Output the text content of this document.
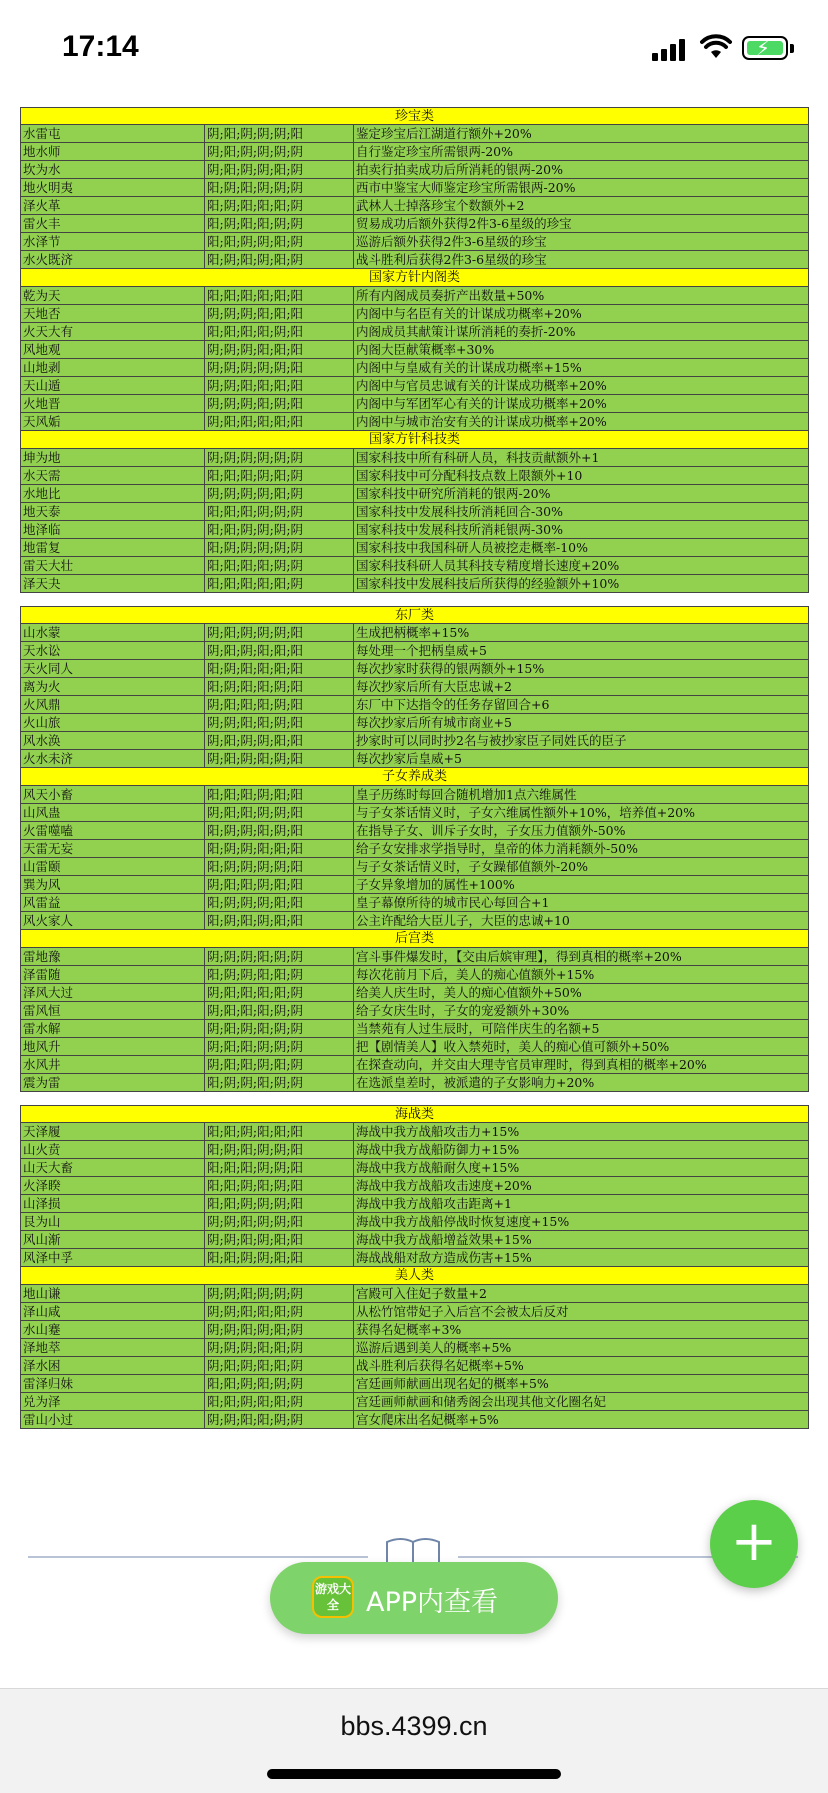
17:14	⚡
珍宝类
水雷屯	阴;阳;阴;阴;阴;阳	鉴定珍宝后江湖道行额外+20%
地水师	阴;阳;阴;阴;阴;阴	自行鉴定珍宝所需银两-20%
坎为水	阴;阳;阴;阴;阳;阴	拍卖行拍卖成功后所消耗的银两-20%
地火明夷	阳;阴;阳;阴;阴;阴	西市中鉴宝大师鉴定珍宝所需银两-20%
泽火革	阳;阴;阳;阳;阳;阴	武林人士掉落珍宝个数额外+2
雷火丰	阳;阴;阳;阳;阴;阴	贸易成功后额外获得2件3-6星级的珍宝
水泽节	阳;阳;阴;阴;阳;阴	巡游后额外获得2件3-6星级的珍宝
水火既济	阳;阴;阳;阴;阳;阴	战斗胜利后获得2件3-6星级的珍宝
国家方针内阁类
乾为天	阳;阳;阳;阳;阳;阳	所有内阁成员奏折产出数量+50%
天地否	阴;阴;阴;阳;阳;阳	内阁中与名臣有关的计谋成功概率+20%
火天大有	阳;阳;阳;阳;阴;阳	内阁成员其献策计谋所消耗的奏折-20%
风地观	阴;阴;阴;阳;阳;阳	内阁大臣献策概率+30%
山地剥	阴;阴;阴;阴;阴;阳	内阁中与皇威有关的计谋成功概率+15%
天山遁	阴;阴;阳;阳;阳;阳	内阁中与官员忠诚有关的计谋成功概率+20%
火地晋	阴;阴;阴;阳;阴;阳	内阁中与军团军心有关的计谋成功概率+20%
天风姤	阴;阳;阳;阳;阳;阳	内阁中与城市治安有关的计谋成功概率+20%
国家方针科技类
坤为地	阴;阴;阴;阴;阴;阴	国家科技中所有科研人员，科技贡献额外+1
水天需	阳;阳;阳;阴;阳;阴	国家科技中可分配科技点数上限额外+10
水地比	阴;阴;阴;阴;阳;阴	国家科技中研究所消耗的银两-20%
地天泰	阳;阳;阳;阴;阴;阴	国家科技中发展科技所消耗回合-30%
地泽临	阳;阳;阴;阴;阴;阴	国家科技中发展科技所消耗银两-30%
地雷复	阳;阴;阴;阴;阴;阴	国家科技中我国科研人员被挖走概率-10%
雷天大壮	阳;阳;阳;阳;阴;阴	国家科技科研人员其科技专精度增长速度+20%
泽天夬	阳;阳;阳;阳;阳;阴	国家科技中发展科技后所获得的经验额外+10%
东厂类
山水蒙	阴;阳;阴;阴;阴;阳	生成把柄概率+15%
天水讼	阴;阳;阴;阳;阳;阳	每处理一个把柄皇威+5
天火同人	阳;阴;阳;阳;阳;阳	每次抄家时获得的银两额外+15%
离为火	阳;阴;阳;阳;阴;阳	每次抄家后所有大臣忠诚+2
火风鼎	阴;阳;阳;阳;阴;阳	东厂中下达指令的任务存留回合+6
火山旅	阴;阴;阳;阳;阴;阳	每次抄家后所有城市商业+5
风水涣	阴;阳;阴;阴;阳;阳	抄家时可以同时抄2名与被抄家臣子同姓氏的臣子
火水未济	阴;阳;阴;阳;阴;阳	每次抄家后皇威+5
子女养成类
风天小畜	阳;阳;阳;阴;阳;阳	皇子历练时每回合随机增加1点六维属性
山风蛊	阴;阳;阳;阴;阴;阳	与子女茶话情义时，子女六维属性额外+10%，培养值+20%
火雷噬嗑	阳;阴;阴;阳;阴;阳	在指导子女、训斥子女时，子女压力值额外-50%
天雷无妄	阳;阴;阴;阳;阳;阳	给子女安排求学指导时，皇帝的体力消耗额外-50%
山雷颐	阳;阴;阴;阴;阴;阳	与子女茶话情义时，子女躁郁值额外-20%
巽为风	阴;阳;阳;阴;阳;阳	子女异象增加的属性+100%
风雷益	阳;阴;阴;阴;阳;阳	皇子幕僚所待的城市民心每回合+1
风火家人	阳;阴;阳;阴;阳;阳	公主许配给大臣儿子，大臣的忠诚+10
后宫类
雷地豫	阴;阴;阴;阳;阴;阴	宫斗事件爆发时，【交由后嫔审理】，得到真相的概率+20%
泽雷随	阳;阴;阴;阳;阳;阴	每次花前月下后，美人的痴心值额外+15%
泽风大过	阴;阳;阳;阳;阳;阴	给美人庆生时，美人的痴心值额外+50%
雷风恒	阴;阳;阳;阳;阴;阴	给子女庆生时，子女的宠爱额外+30%
雷水解	阴;阳;阴;阳;阴;阴	当禁苑有人过生辰时，可陪伴庆生的名额+5
地风升	阴;阳;阳;阴;阴;阴	把【剧情美人】收入禁苑时，美人的痴心值可额外+50%
水风井	阴;阳;阳;阴;阳;阴	在探查动向，并交由大理寺官员审理时，得到真相的概率+20%
震为雷	阳;阴;阴;阳;阴;阴	在选派皇差时，被派遣的子女影响力+20%
海战类
天泽履	阳;阳;阴;阳;阳;阳	海战中我方战船攻击力+15%
山火贲	阳;阴;阳;阴;阴;阳	海战中我方战船防御力+15%
山天大畜	阳;阳;阳;阴;阴;阳	海战中我方战船耐久度+15%
火泽睽	阳;阳;阴;阳;阴;阳	海战中我方战船攻击速度+20%
山泽损	阳;阳;阴;阴;阴;阳	海战中我方战船攻击距离+1
艮为山	阴;阴;阳;阴;阴;阳	海战中我方战船停战时恢复速度+15%
风山渐	阴;阴;阳;阴;阳;阳	海战中我方战船增益效果+15%
风泽中孚	阳;阳;阴;阴;阳;阳	海战战船对敌方造成伤害+15%
美人类
地山谦	阴;阴;阳;阴;阴;阴	宫殿可入住妃子数量+2
泽山咸	阴;阴;阳;阳;阳;阴	从松竹馆带妃子入后宫不会被太后反对
水山蹇	阴;阴;阳;阴;阳;阴	获得名妃概率+3%
泽地萃	阴;阴;阴;阳;阳;阴	巡游后遇到美人的概率+5%
泽水困	阴;阳;阴;阳;阳;阴	战斗胜利后获得名妃概率+5%
雷泽归妹	阳;阳;阴;阳;阴;阴	宫廷画师献画出现名妃的概率+5%
兑为泽	阳;阳;阴;阳;阳;阴	宫廷画师献画和储秀阁会出现其他文化圈名妃
雷山小过	阴;阴;阳;阳;阴;阴	宫女爬床出名妃概率+5%
+
游戏大全	APP内查看
bbs.4399.cn
